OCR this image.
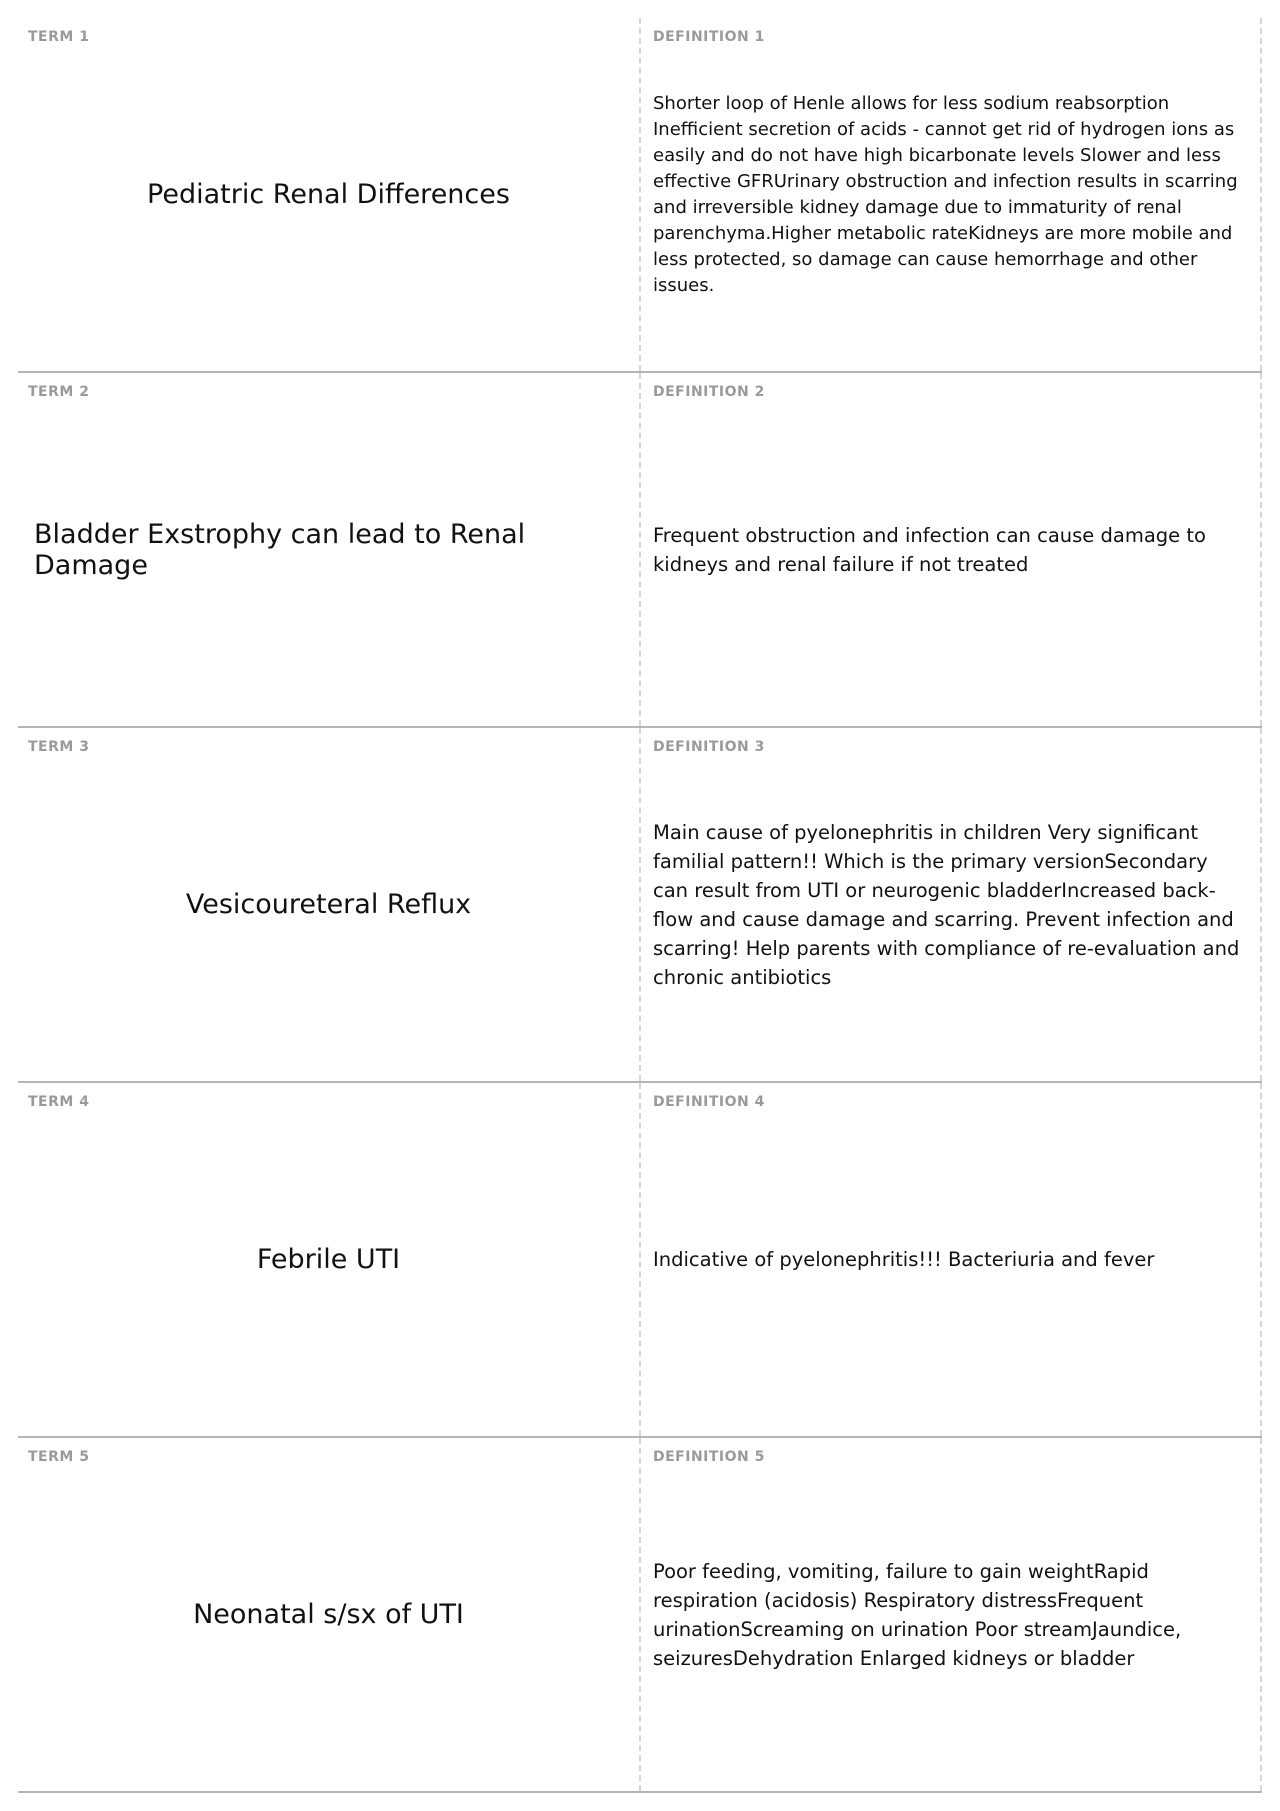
TERM 1
Pediatric Renal Differences
DEFINITION 1
Shorter loop of Henle allows for less sodium reabsorption Inefficient secretion of acids - cannot get rid of hydrogen ions as easily and do not have high bicarbonate levels Slower and less effective GFRUrinary obstruction and infection results in scarring and irreversible kidney damage due to immaturity of renal parenchyma.Higher metabolic rateKidneys are more mobile and less protected, so damage can cause hemorrhage and other issues.
TERM 2
Bladder Exstrophy can lead to Renal Damage
DEFINITION 2
Frequent obstruction and infection can cause damage to kidneys and renal failure if not treated
TERM 3
Vesicoureteral Reflux
DEFINITION 3
Main cause of pyelonephritis in children Very significant familial pattern!! Which is the primary versionSecondary can result from UTI or neurogenic bladderIncreased back-flow and cause damage and scarring. Prevent infection and scarring! Help parents with compliance of re-evaluation and chronic antibiotics
TERM 4
Febrile UTI
DEFINITION 4
Indicative of pyelonephritis!!! Bacteriuria and fever
TERM 5
Neonatal s/sx of UTI
DEFINITION 5
Poor feeding, vomiting, failure to gain weightRapid respiration (acidosis) Respiratory distressFrequent urinationScreaming on urination Poor streamJaundice, seizuresDehydration Enlarged kidneys or bladder
